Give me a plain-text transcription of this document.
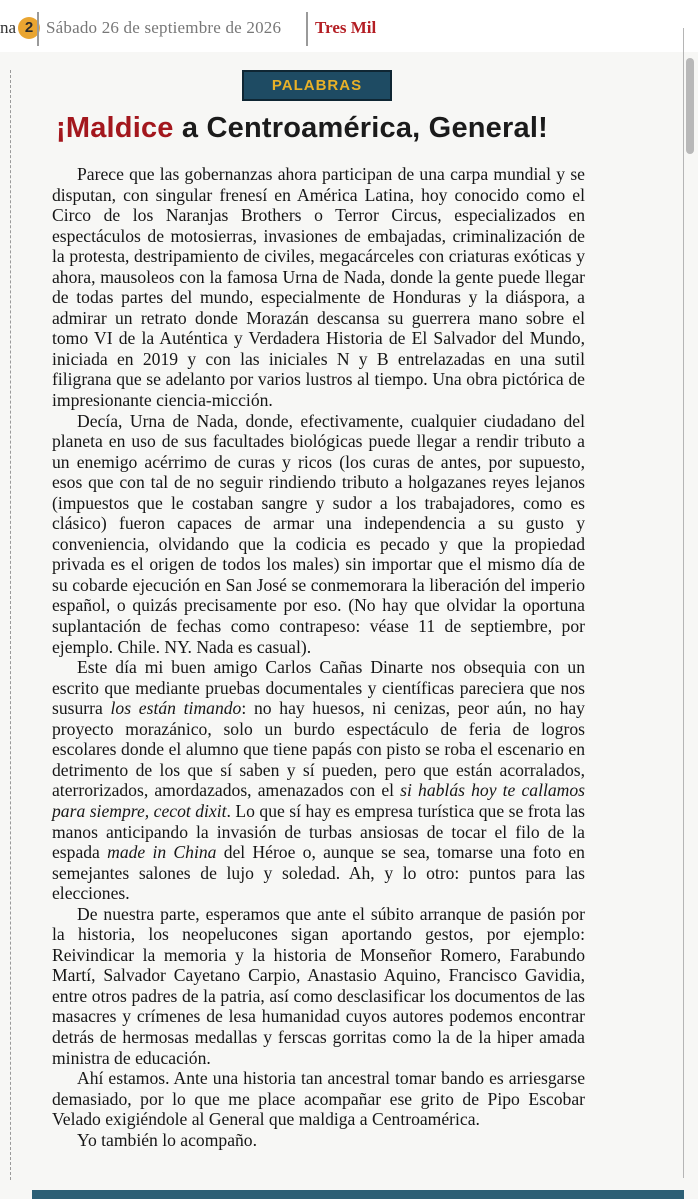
na 2 Sábado 26 de septiembre de 2026 Tres Mil
PALABRAS
¡Maldice a Centroamérica, General!

Parece que las gobernanzas ahora participan de una carpa mundial y se disputan, con singular frenesí en América Latina, hoy conocido como el Circo de los Naranjas Brothers o Terror Circus, especializados en espectáculos de motosierras, invasiones de embajadas, criminalización de la protesta, destripamiento de civiles, megacárceles con criaturas exóticas y ahora, mausoleos con la famosa Urna de Nada, donde la gente puede llegar de todas partes del mundo, especialmente de Honduras y la diáspora, a admirar un retrato donde Morazán descansa su guerrera mano sobre el tomo VI de la Auténtica y Verdadera Historia de El Salvador del Mundo, iniciada en 2019 y con las iniciales N y B entrelazadas en una sutil filigrana que se adelanto por varios lustros al tiempo. Una obra pictórica de impresionante ciencia-micción.

Decía, Urna de Nada, donde, efectivamente, cualquier ciudadano del planeta en uso de sus facultades biológicas puede llegar a rendir tributo a un enemigo acérrimo de curas y ricos (los curas de antes, por supuesto, esos que con tal de no seguir rindiendo tributo a holgazanes reyes lejanos (impuestos que le costaban sangre y sudor a los trabajadores, como es clásico) fueron capaces de armar una independencia a su gusto y conveniencia, olvidando que la codicia es pecado y que la propiedad privada es el origen de todos los males) sin importar que el mismo día de su cobarde ejecución en San José se conmemorara la liberación del imperio español, o quizás precisamente por eso. (No hay que olvidar la oportuna suplantación de fechas como contrapeso: véase 11 de septiembre, por ejemplo. Chile. NY. Nada es casual).

Este día mi buen amigo Carlos Cañas Dinarte nos obsequia con un escrito que mediante pruebas documentales y científicas pareciera que nos susurra los están timando: no hay huesos, ni cenizas, peor aún, no hay proyecto morazánico, solo un burdo espectáculo de feria de logros escolares donde el alumno que tiene papás con pisto se roba el escenario en detrimento de los que sí saben y sí pueden, pero que están acorralados, aterrorizados, amordazados, amenazados con el si hablás hoy te callamos para siempre, cecot dixit. Lo que sí hay es empresa turística que se frota las manos anticipando la invasión de turbas ansiosas de tocar el filo de la espada made in China del Héroe o, aunque se sea, tomarse una foto en semejantes salones de lujo y soledad. Ah, y lo otro: puntos para las elecciones.

De nuestra parte, esperamos que ante el súbito arranque de pasión por la historia, los neopelucones sigan aportando gestos, por ejemplo: Reivindicar la memoria y la historia de Monseñor Romero, Farabundo Martí, Salvador Cayetano Carpio, Anastasio Aquino, Francisco Gavidia, entre otros padres de la patria, así como desclasificar los documentos de las masacres y crímenes de lesa humanidad cuyos autores podemos encontrar detrás de hermosas medallas y ferscas gorritas como la de la hiper amada ministra de educación.

Ahí estamos. Ante una historia tan ancestral tomar bando es arriesgarse demasiado, por lo que me place acompañar ese grito de Pipo Escobar Velado exigiéndole al General que maldiga a Centroamérica.

Yo también lo acompaño.
